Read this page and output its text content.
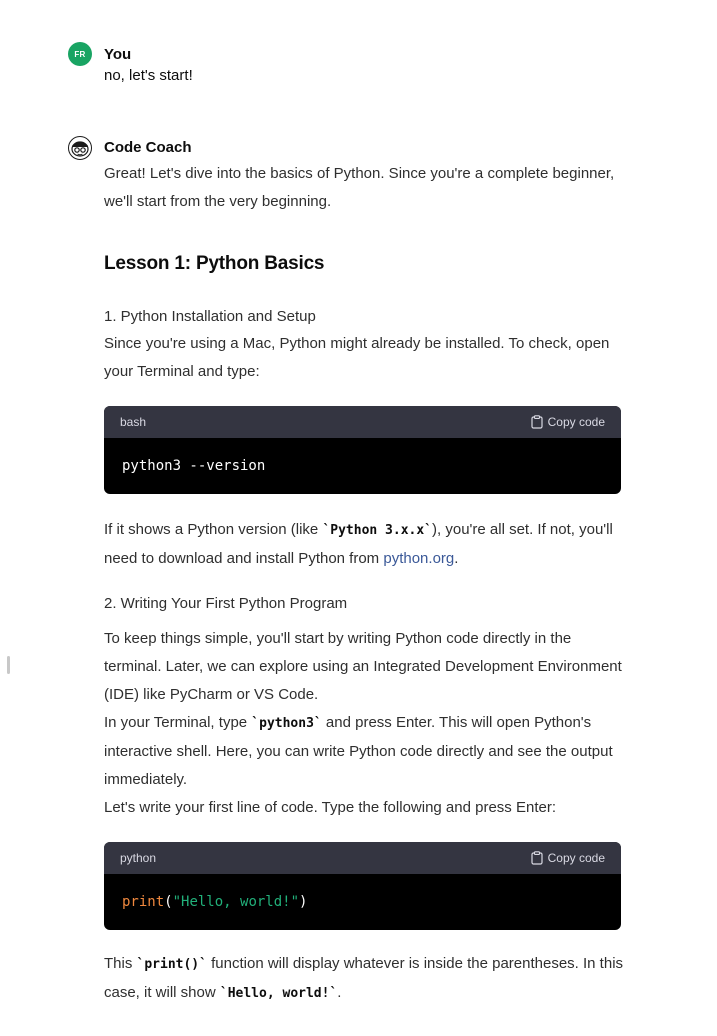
FR	You
no, let's start!
Code Coach

Great! Let's dive into the basics of Python. Since you're a complete beginner, we'll start from the very beginning.

Lesson 1: Python Basics

1. Python Installation and Setup

Since you're using a Mac, Python might already be installed. To check, open your Terminal and type:

bash	Copy code
python3 --version

If it shows a Python version (like `Python 3.x.x`), you're all set. If not, you'll need to download and install Python from python.org.

2. Writing Your First Python Program

To keep things simple, you'll start by writing Python code directly in the terminal. Later, we can explore using an Integrated Development Environment (IDE) like PyCharm or VS Code.

In your Terminal, type `python3` and press Enter. This will open Python's interactive shell. Here, you can write Python code directly and see the output immediately.

Let's write your first line of code. Type the following and press Enter:

python	Copy code
print ( "Hello, world!" )

This `print()` function will display whatever is inside the parentheses. In this case, it will show `Hello, world!`.
